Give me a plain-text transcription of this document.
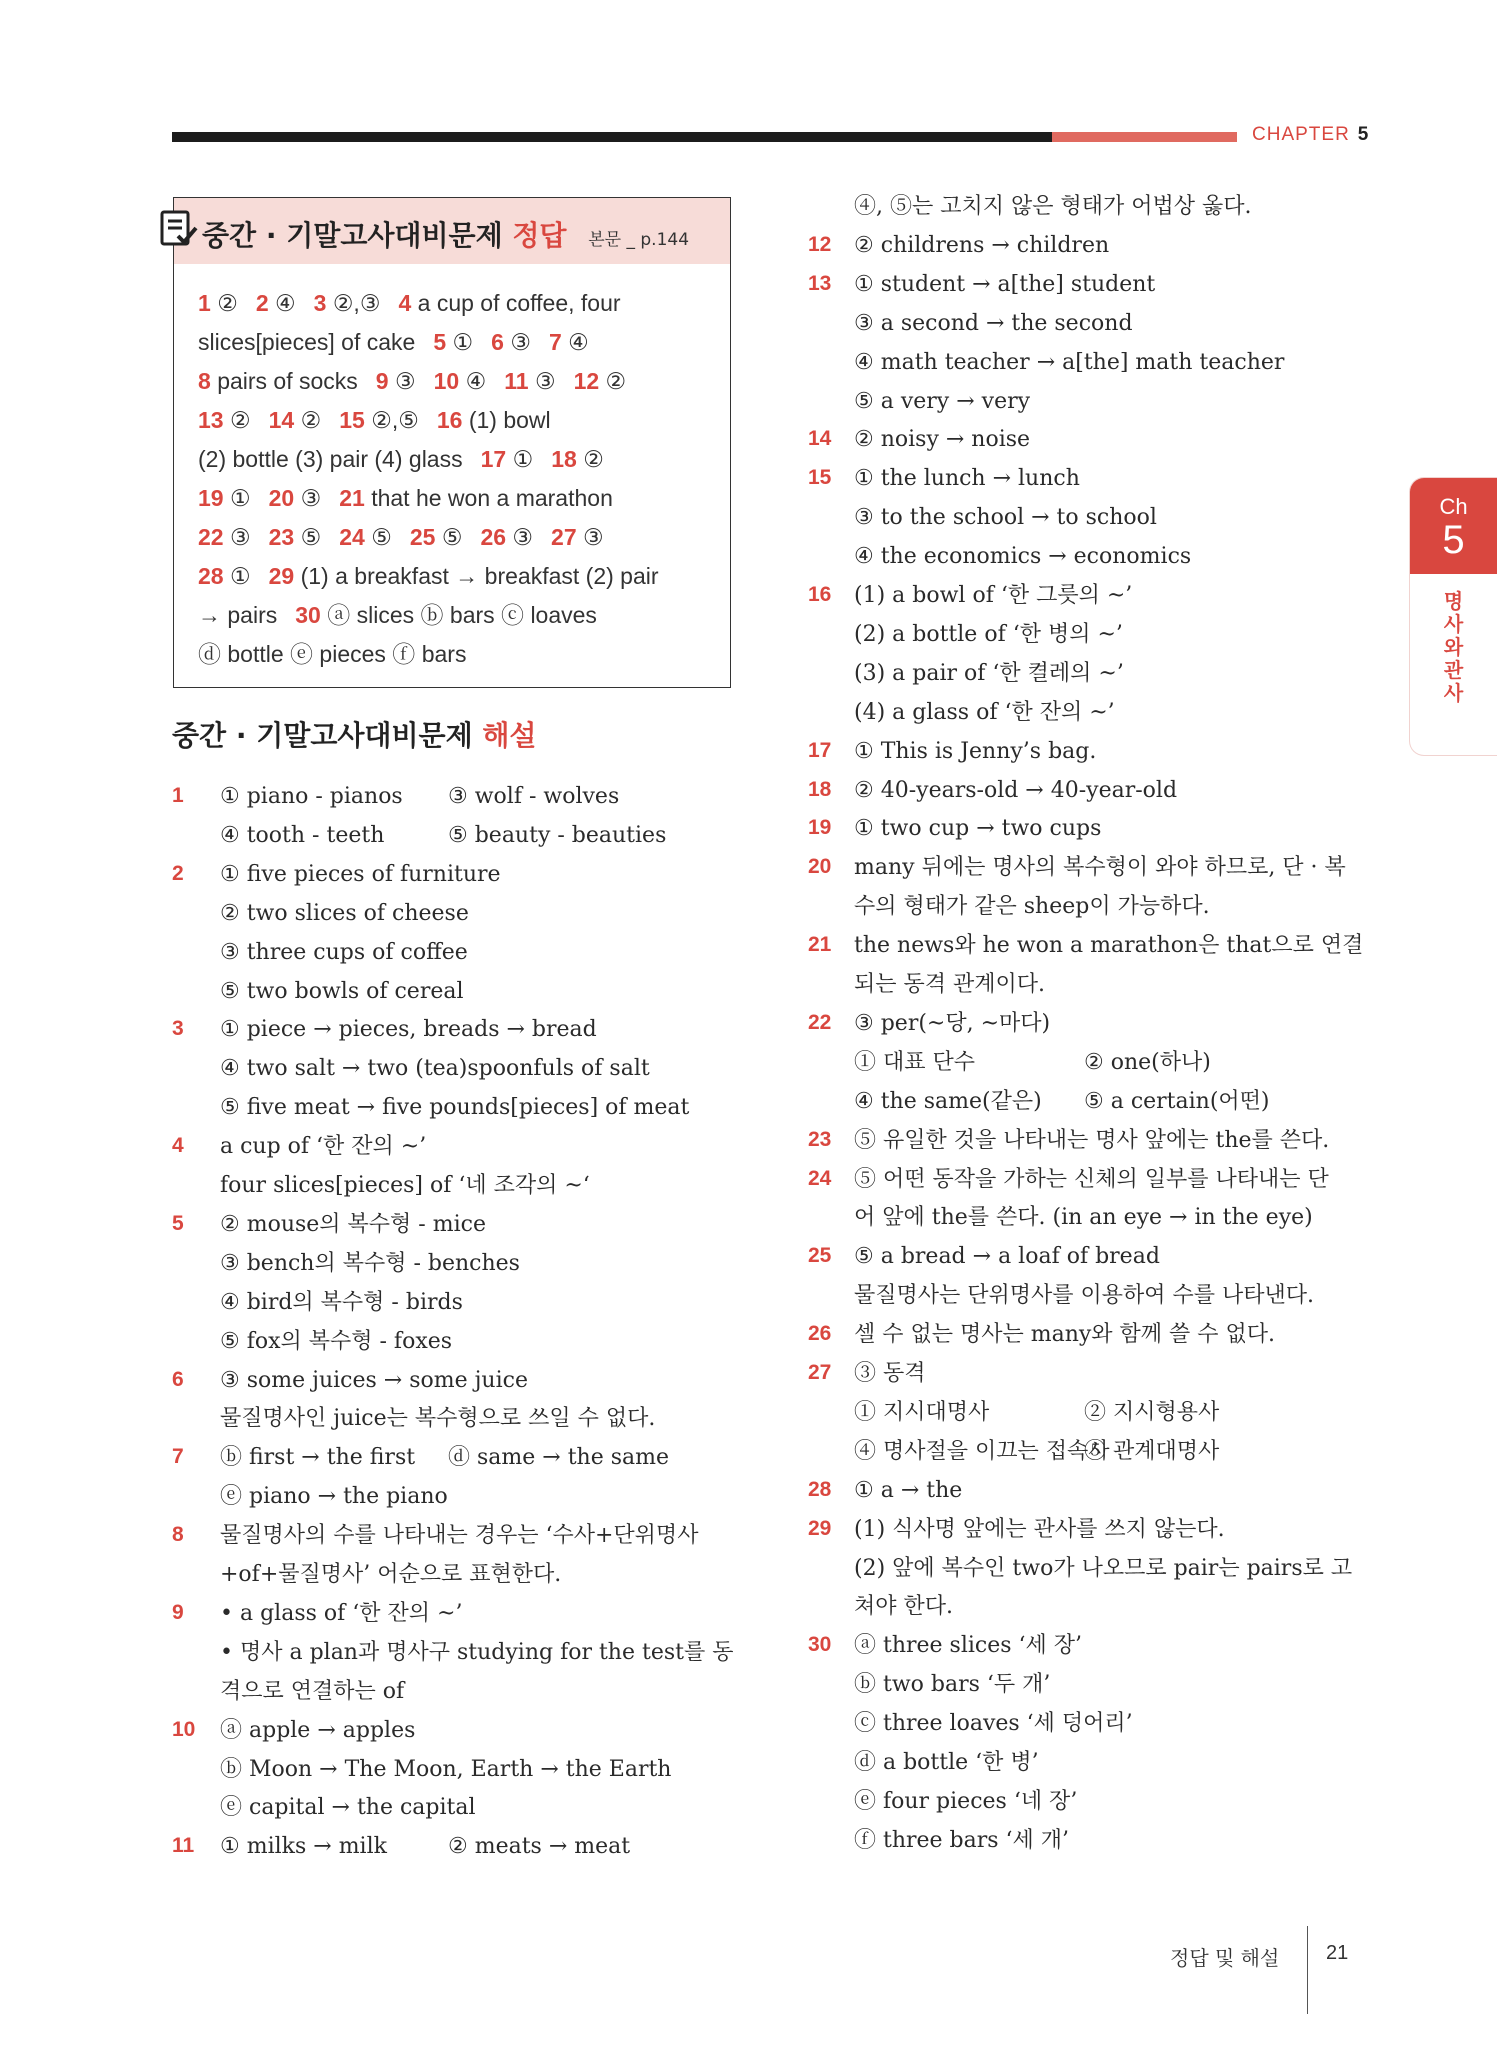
CHAPTER 5
Ch
5
명
사
와
관
사
중간 · 기말고사대비문제 정답 본문 _ p.144
1 ② 2 ④ 3 ②,③ 4 a cup of coffee, four
slices[pieces] of cake 5 ① 6 ③ 7 ④
8 pairs of socks 9 ③ 10 ④ 11 ③ 12 ②
13 ② 14 ② 15 ②,⑤ 16 (1) bowl
(2) bottle (3) pair (4) glass 17 ① 18 ②
19 ① 20 ③ 21 that he won a marathon
22 ③ 23 ⑤ 24 ⑤ 25 ⑤ 26 ③ 27 ③
28 ① 29 (1) a breakfast → breakfast (2) pair
→ pairs 30 ⓐ slices ⓑ bars ⓒ loaves
ⓓ bottle ⓔ pieces ⓕ bars
중간 · 기말고사대비문제 해설
1 ① piano - pianos ③ wolf - wolves
④ tooth - teeth	⑤ beauty - beauties
2 ① five pieces of furniture
② two slices of cheese
③ three cups of coffee
⑤ two bowls of cereal
3 ① piece → pieces, breads → bread
④ two salt → two (tea)spoonfuls of salt
⑤ five meat → five pounds[pieces] of meat
4 a cup of ‘한 잔의 ~’
four slices[pieces] of ‘네 조각의 ~‘
5 ② mouse의 복수형 - mice
③ bench의 복수형 - benches
④ bird의 복수형 - birds
⑤ fox의 복수형 - foxes
6 ③ some juices → some juice
물질명사인 juice는 복수형으로 쓰일 수 없다.
7 ⓑ first → the first ⓓ same → the same
ⓔ piano → the piano
8 물질명사의 수를 나타내는 경우는 ‘수사+단위명사
+of+물질명사’ 어순으로 표현한다.
9 • a glass of ‘한 잔의 ~’
• 명사 a plan과 명사구 studying for the test를 동
격으로 연결하는 of
10 ⓐ apple → apples
ⓑ Moon → The Moon, Earth → the Earth
ⓔ capital → the capital
11 ① milks → milk	② meats → meat
④, ⑤는 고치지 않은 형태가 어법상 옳다.
12 ② childrens → children
13 ① student → a[the] student
③ a second → the second
④ math teacher → a[the] math teacher
⑤ a very → very
14 ② noisy → noise
15 ① the lunch → lunch
③ to the school → to school
④ the economics → economics
16 (1) a bowl of ‘한 그릇의 ~’
(2) a bottle of ‘한 병의 ~’
(3) a pair of ‘한 켤레의 ~’
(4) a glass of ‘한 잔의 ~’
17 ① This is Jenny’s bag.
18 ② 40-years-old → 40-year-old
19 ① two cup → two cups
20 many 뒤에는 명사의 복수형이 와야 하므로, 단 · 복
수의 형태가 같은 sheep이 가능하다.
21 the news와 he won a marathon은 that으로 연결
되는 동격 관계이다.
22 ③ per(~당, ~마다)
① 대표 단수	② one(하나)
④ the same(같은) ⑤ a certain(어떤)
23 ⑤ 유일한 것을 나타내는 명사 앞에는 the를 쓴다.
24 ⑤ 어떤 동작을 가하는 신체의 일부를 나타내는 단
어 앞에 the를 쓴다. (in an eye → in the eye)
25 ⑤ a bread → a loaf of bread
물질명사는 단위명사를 이용하여 수를 나타낸다.
26 셀 수 없는 명사는 many와 함께 쓸 수 없다.
27 ③ 동격
① 지시대명사	② 지시형용사
④ 명사절을 이끄는 접속사
⑤ 관계대명사
28 ① a → the
29 (1) 식사명 앞에는 관사를 쓰지 않는다.
(2) 앞에 복수인 two가 나오므로 pair는 pairs로 고
쳐야 한다.
30 ⓐ three slices ‘세 장’
ⓑ two bars ‘두 개’
ⓒ three loaves ‘세 덩어리’
ⓓ a bottle ‘한 병’
ⓔ four pieces ‘네 장’
ⓕ three bars ‘세 개’
정답 및 해설 21
